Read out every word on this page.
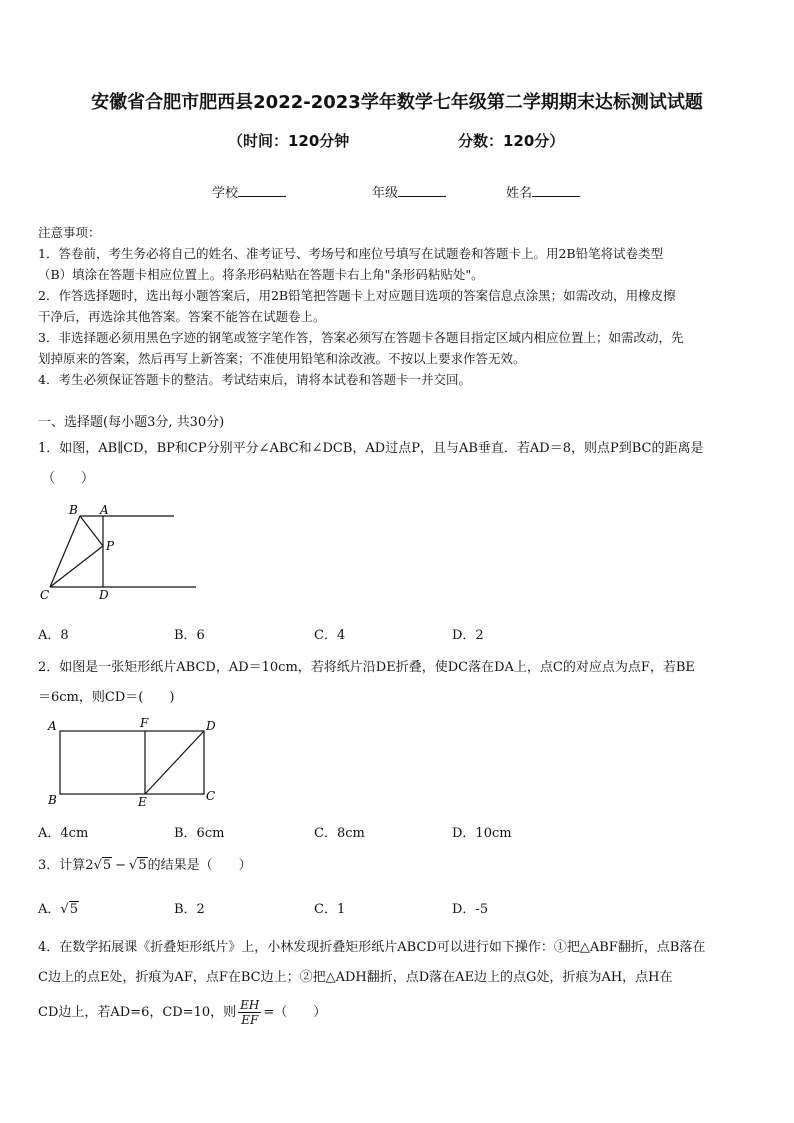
安徽省合肥市肥西县2022-2023学年数学七年级第二学期期末达标测试试题
（时间：120分钟	分数：120分）
学校	年级	姓名
注意事项：
1．答卷前，考生务必将自己的姓名、准考证号、考场号和座位号填写在试题卷和答题卡上。用2B铅笔将试卷类型
（B）填涂在答题卡相应位置上。将条形码粘贴在答题卡右上角"条形码粘贴处"。
2．作答选择题时，选出每小题答案后，用2B铅笔把答题卡上对应题目选项的答案信息点涂黑；如需改动，用橡皮擦
干净后，再选涂其他答案。答案不能答在试题卷上。
3．非选择题必须用黑色字迹的钢笔或签字笔作答，答案必须写在答题卡各题目指定区域内相应位置上；如需改动，先
划掉原来的答案，然后再写上新答案；不准使用铅笔和涂改液。不按以上要求作答无效。
4．考生必须保证答题卡的整洁。考试结束后，请将本试卷和答题卡一并交回。
一、选择题(每小题3分, 共30分)
1．如图，AB∥CD，BP和CP分别平分∠ABC和∠DCB，AD过点P，且与AB垂直．若AD＝8，则点P到BC的距离是
（　　）
B A
P
C	D
A．8	B．6	C．4	D．2
2．如图是一张矩形纸片ABCD，AD＝10cm，若将纸片沿DE折叠，使DC落在DA上，点C的对应点为点F，若BE
＝6cm，则CD＝(　　)
A	F	D
B	E	C
A．4cm	B．6cm	C．8cm	D．10cm
3．计算2√5 − √5的结果是（　　）
A．√5	B．2	C．1	D．-5
4．在数学拓展课《折叠矩形纸片》上，小林发现折叠矩形纸片ABCD可以进行如下操作：①把△ABF翻折，点B落在
C边上的点E处，折痕为AF，点F在BC边上；②把△ADH翻折，点D落在AE边上的点G处，折痕为AH，点H在
CD边上，若AD=6，CD=10，则 $\frac{EH}{EF}$ =（　　）
